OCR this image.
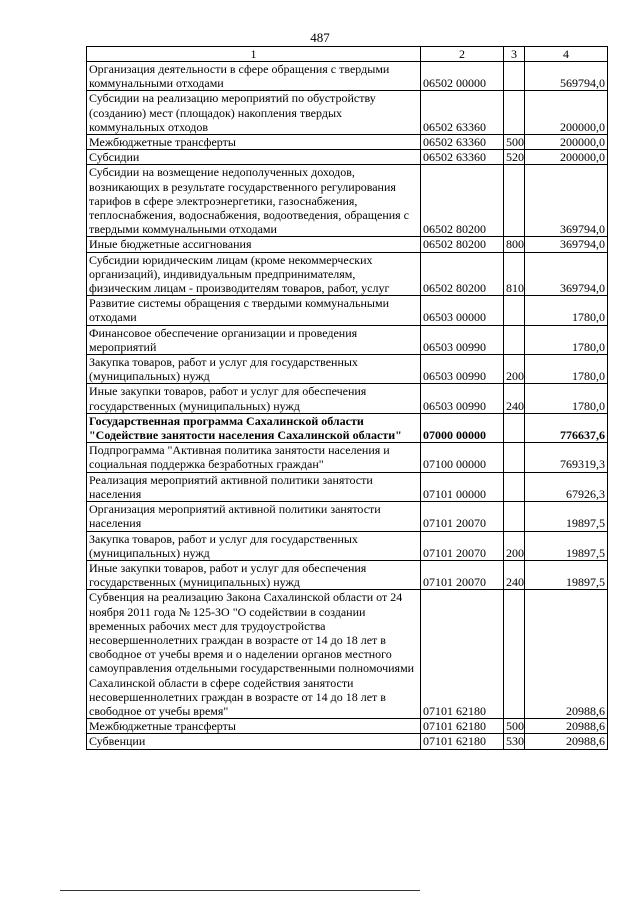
487
1	2	3	4
Организация деятельности в сфере обращения с твердыми коммунальными отходами	06502 00000		569794,0
Субсидии на реализацию мероприятий по обустройству (созданию) мест (площадок) накопления твердых коммунальных отходов	06502 63360		200000,0
Межбюджетные трансферты	06502 63360	500	200000,0
Субсидии	06502 63360	520	200000,0
Субсидии на возмещение недополученных доходов, возникающих в результате государственного регулирования тарифов в сфере электроэнергетики, газоснабжения, теплоснабжения, водоснабжения, водоотведения, обращения с твердыми коммунальными отходами	06502 80200		369794,0
Иные бюджетные ассигнования	06502 80200	800	369794,0
Субсидии юридическим лицам (кроме некоммерческих организаций), индивидуальным предпринимателям, физическим лицам - производителям товаров, работ, услуг	06502 80200	810	369794,0
Развитие системы обращения с твердыми коммунальными отходами	06503 00000		1780,0
Финансовое обеспечение организации и проведения мероприятий	06503 00990		1780,0
Закупка товаров, работ и услуг для государственных (муниципальных) нужд	06503 00990	200	1780,0
Иные закупки товаров, работ и услуг для обеспечения государственных (муниципальных) нужд	06503 00990	240	1780,0
Государственная программа Сахалинской области "Содействие занятости населения Сахалинской области"	07000 00000		776637,6
Подпрограмма "Активная политика занятости населения и социальная поддержка безработных граждан"	07100 00000		769319,3
Реализация мероприятий активной политики занятости населения	07101 00000		67926,3
Организация мероприятий активной политики занятости населения	07101 20070		19897,5
Закупка товаров, работ и услуг для государственных (муниципальных) нужд	07101 20070	200	19897,5
Иные закупки товаров, работ и услуг для обеспечения государственных (муниципальных) нужд	07101 20070	240	19897,5
Субвенция на реализацию Закона Сахалинской области от 24 ноября 2011 года № 125-ЗО "О содействии в создании временных рабочих мест для трудоустройства несовершеннолетних граждан в возрасте от 14 до 18 лет в свободное от учебы время и о наделении органов местного самоуправления отдельными государственными полномочиями Сахалинской области в сфере содействия занятости несовершеннолетних граждан в возрасте от 14 до 18 лет в свободное от учебы время"	07101 62180		20988,6
Межбюджетные трансферты	07101 62180	500	20988,6
Субвенции	07101 62180	530	20988,6
